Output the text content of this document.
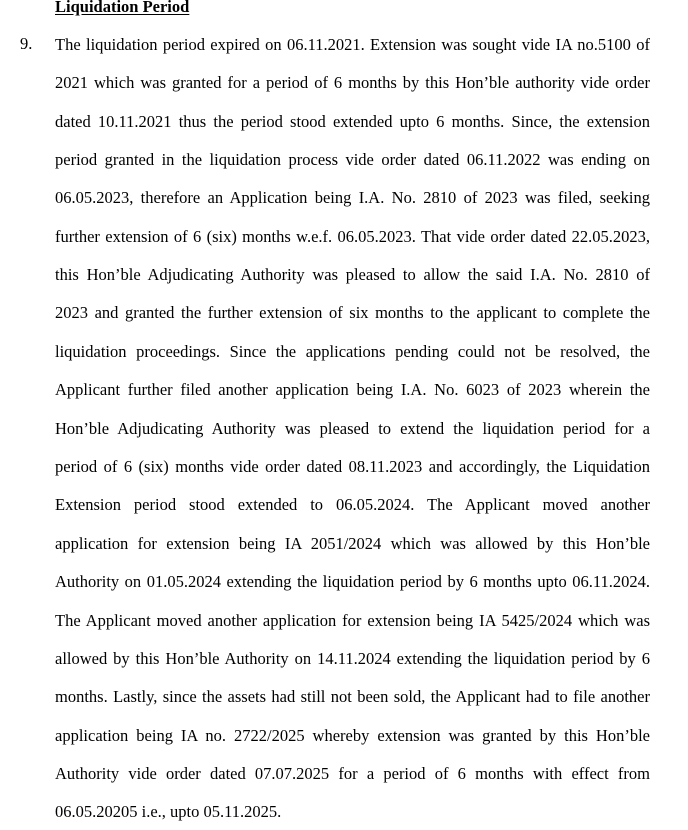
Liquidation Period
9. The liquidation period expired on 06.11.2021. Extension was sought vide IA no.5100 of
2021 which was granted for a period of 6 months by this Hon’ble authority vide order
dated 10.11.2021 thus the period stood extended upto 6 months. Since, the extension
period granted in the liquidation process vide order dated 06.11.2022 was ending on
06.05.2023, therefore an Application being I.A. No. 2810 of 2023 was filed, seeking
further extension of 6 (six) months w.e.f. 06.05.2023. That vide order dated 22.05.2023,
this Hon’ble Adjudicating Authority was pleased to allow the said I.A. No. 2810 of
2023 and granted the further extension of six months to the applicant to complete the
liquidation proceedings. Since the applications pending could not be resolved, the
Applicant further filed another application being I.A. No. 6023 of 2023 wherein the
Hon’ble Adjudicating Authority was pleased to extend the liquidation period for a
period of 6 (six) months vide order dated 08.11.2023 and accordingly, the Liquidation
Extension period stood extended to 06.05.2024. The Applicant moved another
application for extension being IA 2051/2024 which was allowed by this Hon’ble
Authority on 01.05.2024 extending the liquidation period by 6 months upto 06.11.2024.
The Applicant moved another application for extension being IA 5425/2024 which was
allowed by this Hon’ble Authority on 14.11.2024 extending the liquidation period by 6
months. Lastly, since the assets had still not been sold, the Applicant had to file another
application being IA no. 2722/2025 whereby extension was granted by this Hon’ble
Authority vide order dated 07.07.2025 for a period of 6 months with effect from
06.05.20205 i.e., upto 05.11.2025.
